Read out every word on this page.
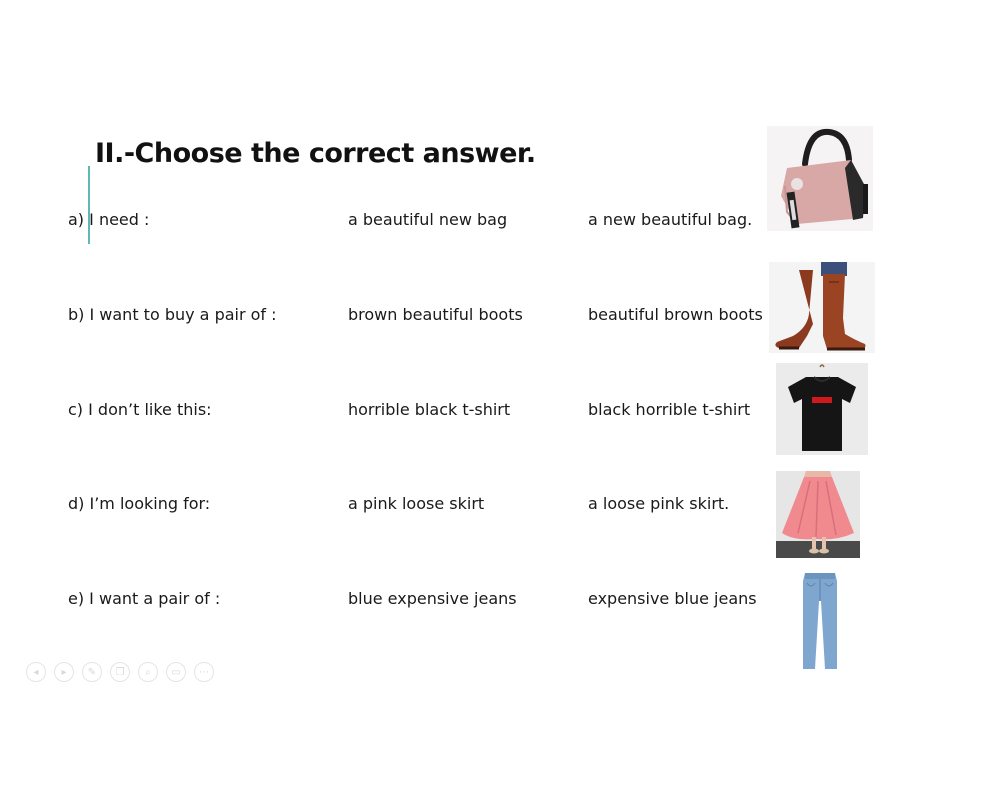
II.-Choose the correct answer.
a) I need :	a beautiful new bag	a new beautiful bag.
b) I want to buy a pair of :	brown beautiful boots	beautiful brown boots
c) I don’t like this:	horrible black t-shirt	black horrible t-shirt
d) I’m looking for:	a pink loose skirt	a loose pink skirt.
e) I want a pair of :	blue expensive jeans	expensive blue jeans
◂	▸	✎	❐	⌕	▭	⋯
